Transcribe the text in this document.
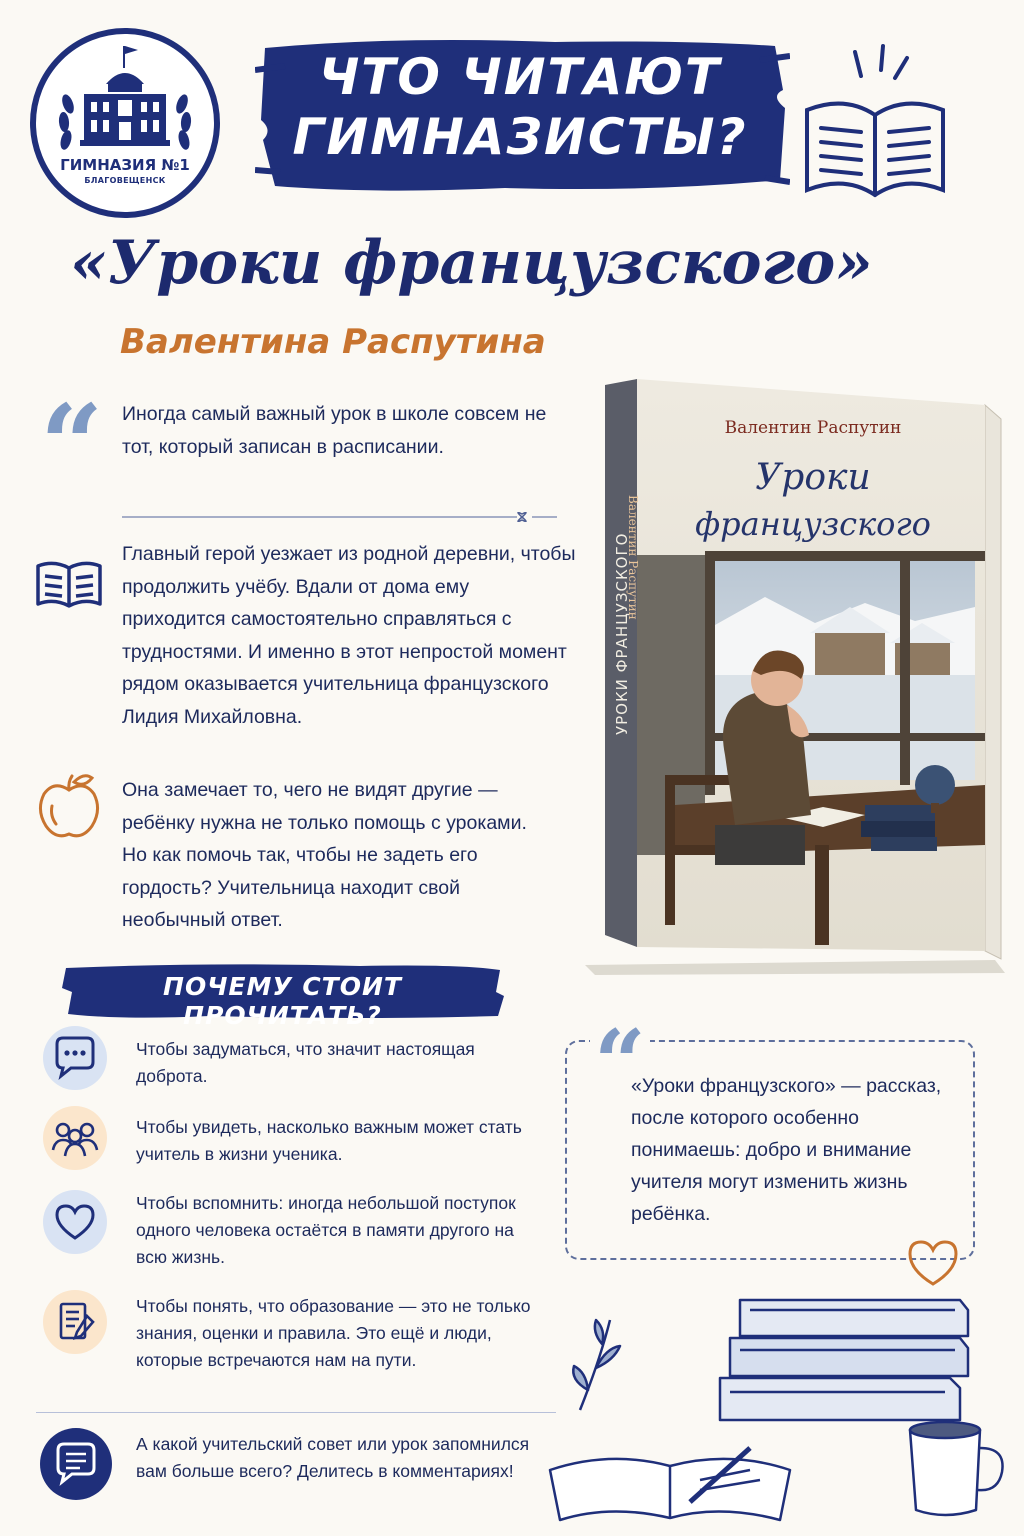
ГИМНАЗИЯ №1
БЛАГОВЕЩЕНСК
ЧТО ЧИТАЮТ
ГИМНАЗИСТЫ?
«Уроки французского»
Валентина Распутина
“ Иногда самый важный урок в школе совсем не тот, который записан в расписании.
Главный герой уезжает из родной деревни, чтобы продолжить учёбу. Вдали от дома ему приходится самостоятельно справляться с трудностями. И именно в этот непростой момент рядом оказывается учительница французского Лидия Михайловна.
Она замечает то, чего не видят другие — ребёнку нужна не только помощь с уроками. Но как помочь так, чтобы не задеть его гордость? Учительница находит свой необычный ответ.
Валентин Распутин
Уроки
французского
УРОКИ ФРАНЦУЗСКОГО
Валентин Распутин
ПОЧЕМУ СТОИТ ПРОЧИТАТЬ?
Чтобы задуматься, что значит настоящая доброта.
Чтобы увидеть, насколько важным может стать учитель в жизни ученика.
Чтобы вспомнить: иногда небольшой поступок одного человека остаётся в памяти другого на всю жизнь.
Чтобы понять, что образование — это не только знания, оценки и правила. Это ещё и люди, которые встречаются нам на пути.
А какой учительский совет или урок запомнился вам больше всего? Делитесь в комментариях!
“
«Уроки французского» — рассказ, после которого особенно понимаешь: добро и внимание учителя могут изменить жизнь ребёнка.
